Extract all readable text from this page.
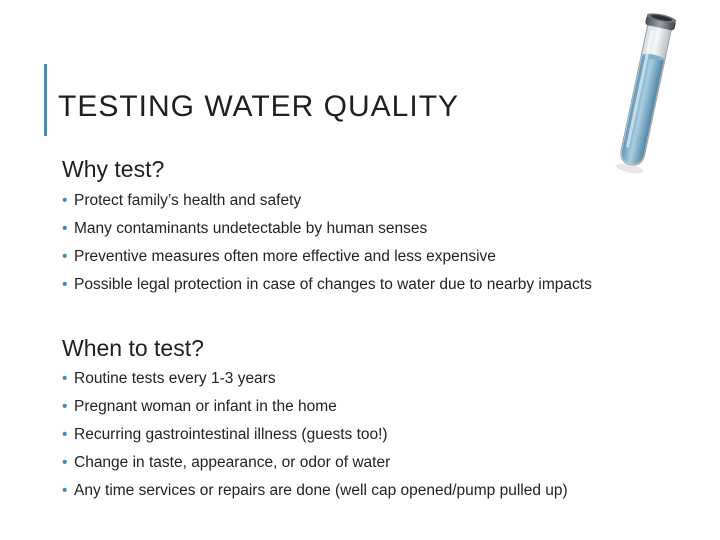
TESTING WATER QUALITY
Why test?
• Protect family’s health and safety
• Many contaminants undetectable by human senses
• Preventive measures often more effective and less expensive
• Possible legal protection in case of changes to water due to nearby impacts
When to test?
• Routine tests every 1-3 years
• Pregnant woman or infant in the home
• Recurring gastrointestinal illness (guests too!)
• Change in taste, appearance, or odor of water
• Any time services or repairs are done (well cap opened/pump pulled up)
